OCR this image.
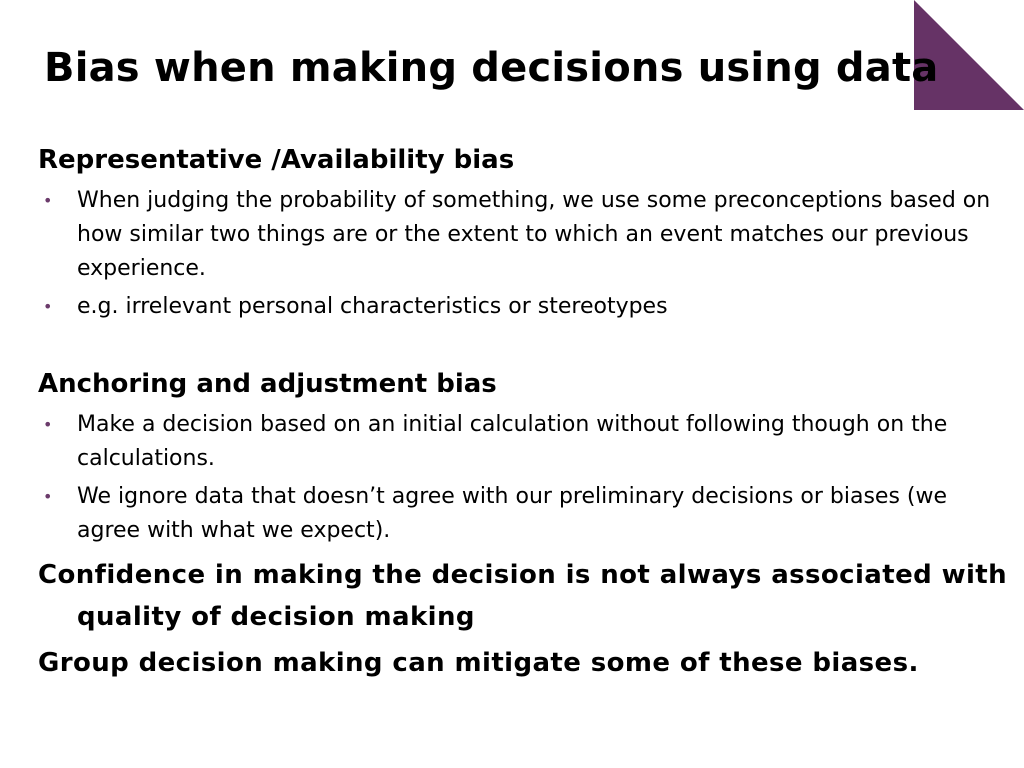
Bias when making decisions using data

Representative /Availability bias

• When judging the probability of something, we use some preconceptions based on how similar two things are or the extent to which an event matches our previous experience.
• e.g. irrelevant personal characteristics or stereotypes

Anchoring and adjustment bias

• Make a decision based on an initial calculation without following though on the calculations.
• We ignore data that doesn’t agree with our preliminary decisions or biases (we agree with what we expect).

Confidence in making the decision is not always associated with quality of decision making

Group decision making can mitigate some of these biases.
